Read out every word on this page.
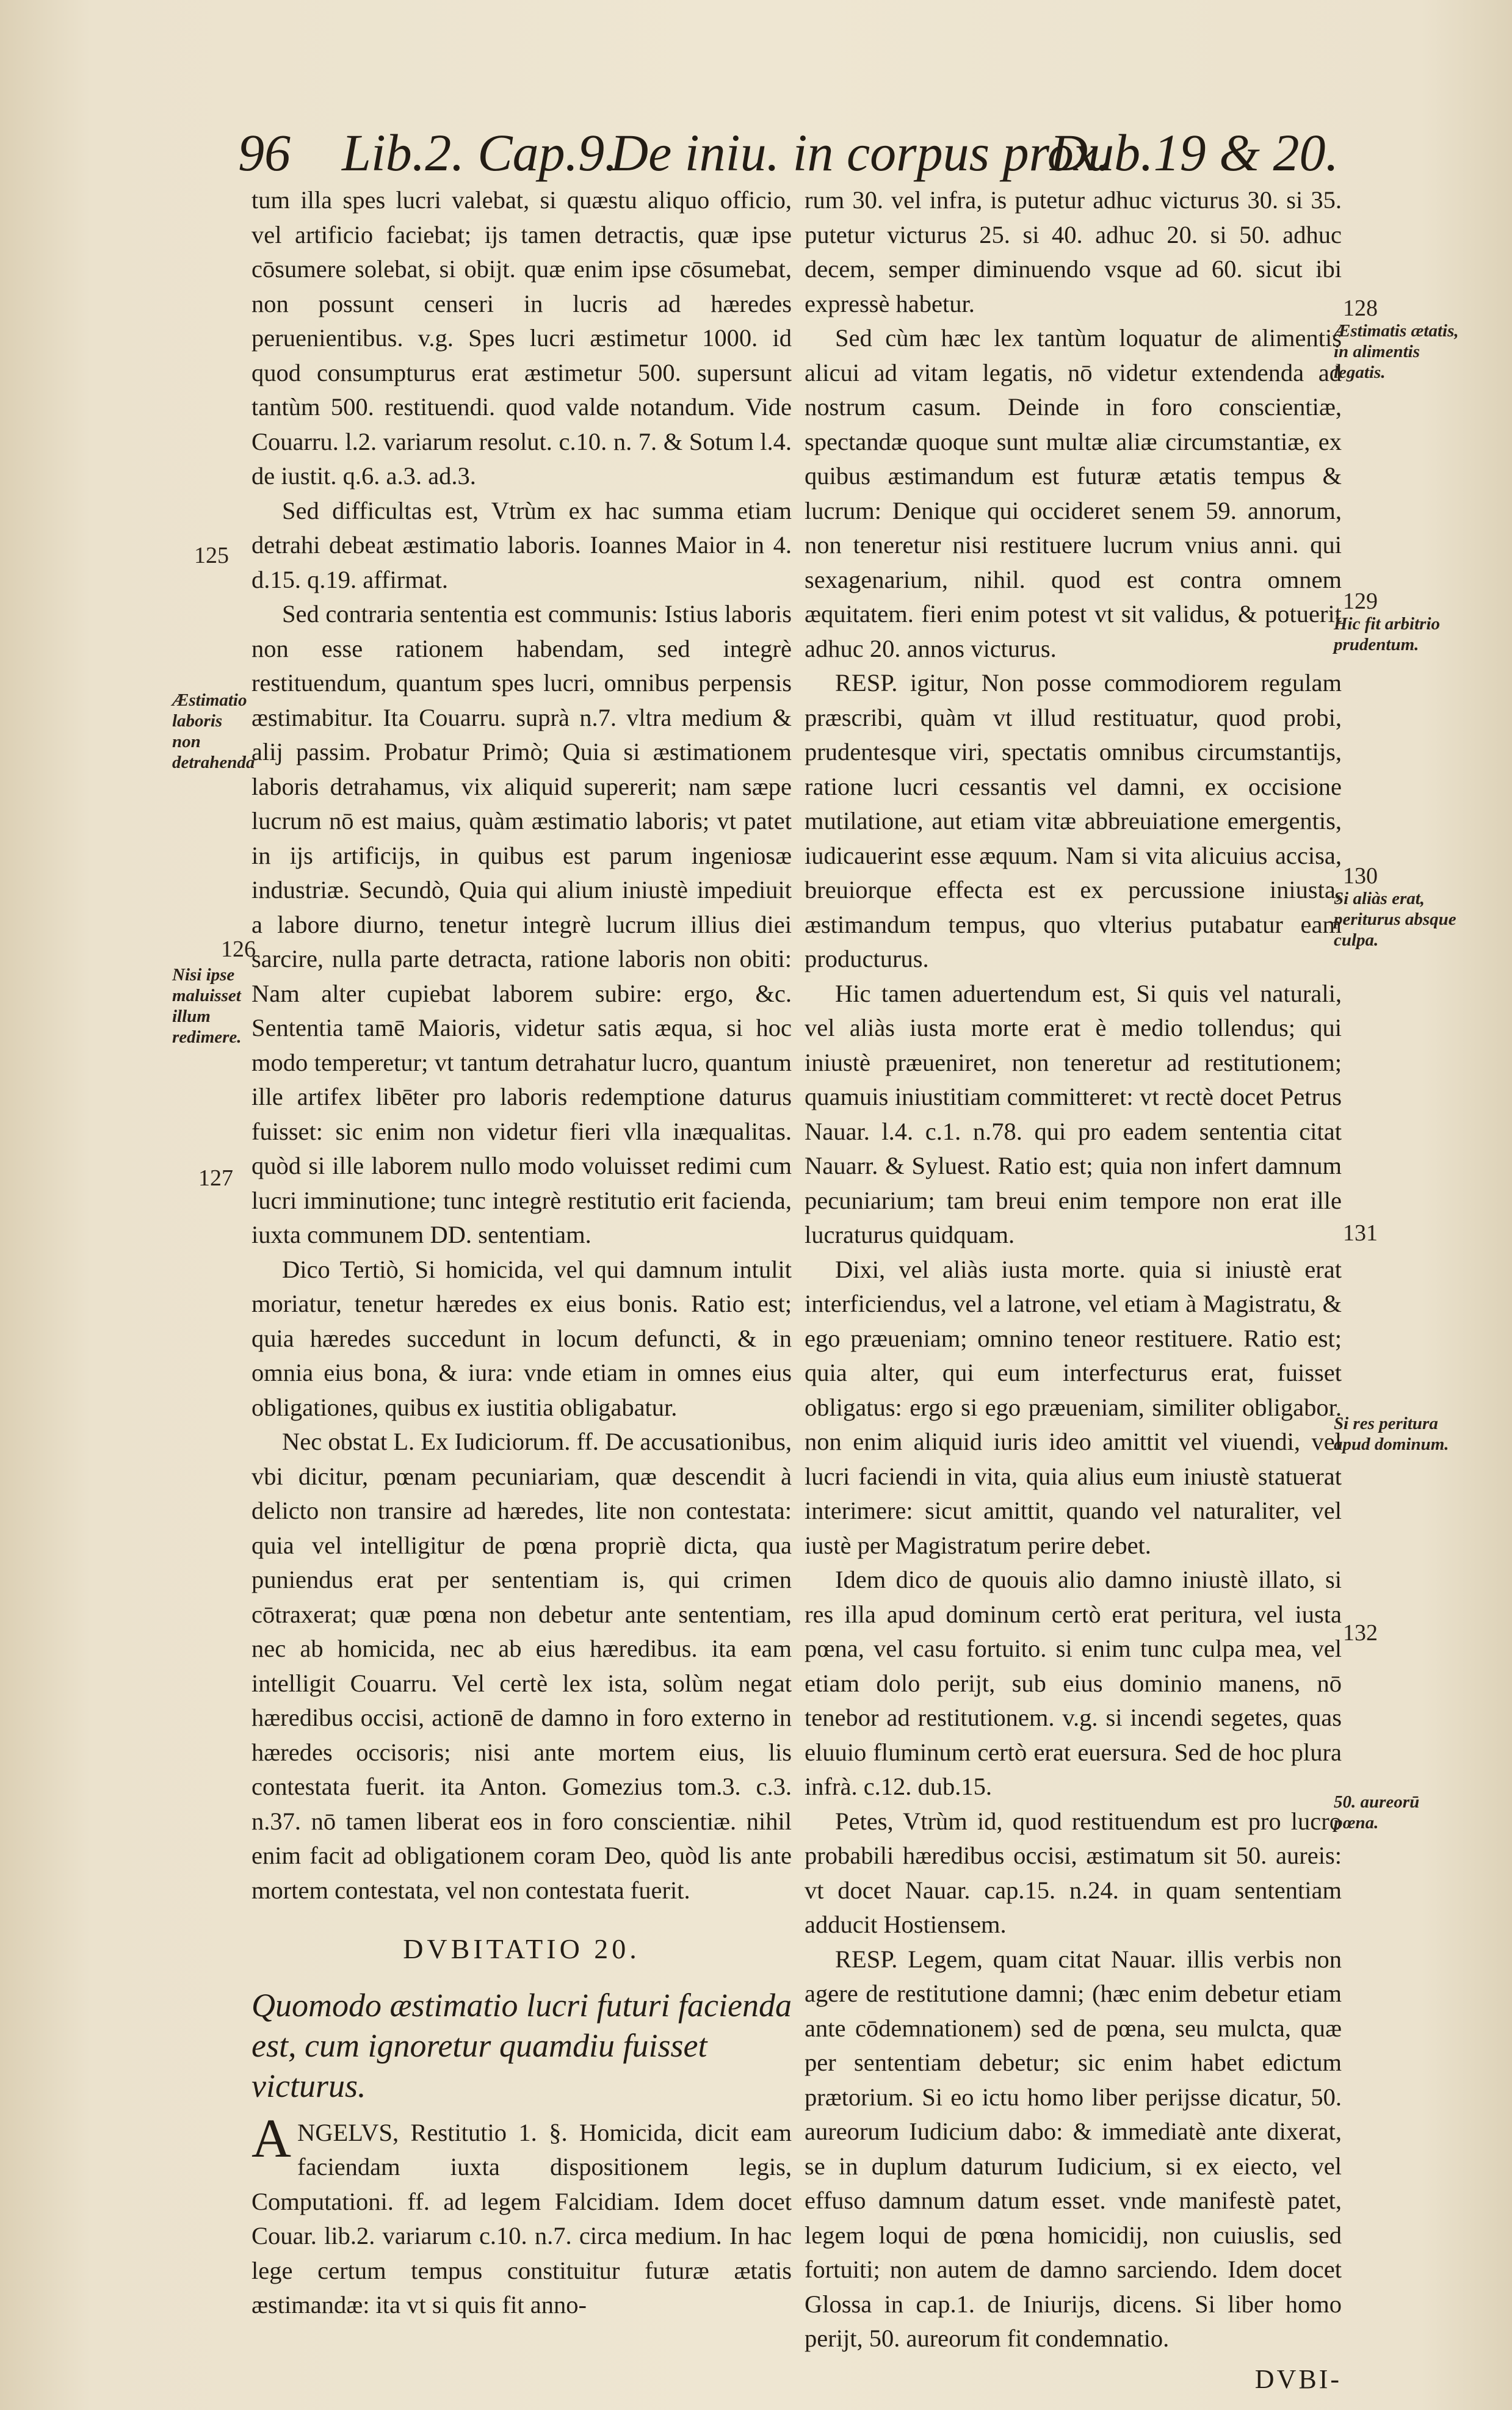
96 Lib.2. Cap.9.
De iniu. in corpus prox.
Dub.19 & 20.

tum illa spes lucri valebat, si quæstu aliquo officio, vel artificio faciebat; ijs tamen detractis, quæ ipse cōsumere solebat, si obijt. quæ enim ipse cōsumebat, non possunt censeri in lucris ad hæredes peruenientibus. v.g. Spes lucri æstimetur 1000. id quod consumpturus erat æstimetur 500. supersunt tantùm 500. restituendi. quod valde notandum. Vide Couarru. l.2. variarum resolut. c.10. n. 7. & Sotum l.4. de iustit. q.6. a.3. ad.3.

Sed difficultas est, Vtrùm ex hac summa etiam detrahi debeat æstimatio laboris. Ioannes Maior in 4. d.15. q.19. affirmat.

Sed contraria sententia est communis: Istius laboris non esse rationem habendam, sed integrè restituendum, quantum spes lucri, omnibus perpensis æstimabitur. Ita Couarru. suprà n.7. vltra medium & alij passim. Probatur Primò; Quia si æstimationem laboris detrahamus, vix aliquid supererit; nam sæpe lucrum nō est maius, quàm æstimatio laboris; vt patet in ijs artificijs, in quibus est parum ingeniosæ industriæ. Secundò, Quia qui alium iniustè impediuit a labore diurno, tenetur integrè lucrum illius diei sarcire, nulla parte detracta, ratione laboris non obiti: Nam alter cupiebat laborem subire: ergo, &c. Sententia tamē Maioris, videtur satis æqua, si hoc modo temperetur; vt tantum detrahatur lucro, quantum ille artifex libēter pro laboris redemptione daturus fuisset: sic enim non videtur fieri vlla inæqualitas. quòd si ille laborem nullo modo voluisset redimi cum lucri imminutione; tunc integrè restitutio erit facienda, iuxta communem DD. sententiam.

Dico Tertiò, Si homicida, vel qui damnum intulit moriatur, tenetur hæredes ex eius bonis. Ratio est; quia hæredes succedunt in locum defuncti, & in omnia eius bona, & iura: vnde etiam in omnes eius obligationes, quibus ex iustitia obligabatur.

Nec obstat L. Ex Iudiciorum. ff. De accusationibus, vbi dicitur, pœnam pecuniariam, quæ descendit à delicto non transire ad hæredes, lite non contestata: quia vel intelligitur de pœna propriè dicta, qua puniendus erat per sententiam is, qui crimen cōtraxerat; quæ pœna non debetur ante sententiam, nec ab homicida, nec ab eius hæredibus. ita eam intelligit Couarru. Vel certè lex ista, solùm negat hæredibus occisi, actionē de damno in foro externo in hæredes occisoris; nisi ante mortem eius, lis contestata fuerit. ita Anton. Gomezius tom.3. c.3. n.37. nō tamen liberat eos in foro conscientiæ. nihil enim facit ad obligationem coram Deo, quòd lis ante mortem contestata, vel non contestata fuerit.

DVBITATIO 20.

Quomodo æstimatio lucri futuri facienda est, cum ignoretur quamdiu fuisset victurus.

ANGELVS, Restitutio 1. §. Homicida, dicit eam faciendam iuxta dispositionem legis, Computationi. ff. ad legem Falcidiam. Idem docet Couar. lib.2. variarum c.10. n.7. circa medium. In hac lege certum tempus constituitur futuræ ætatis æstimandæ: ita vt si quis fit anno-

rum 30. vel infra, is putetur adhuc victurus 30. si 35. putetur victurus 25. si 40. adhuc 20. si 50. adhuc decem, semper diminuendo vsque ad 60. sicut ibi expressè habetur.

Sed cùm hæc lex tantùm loquatur de alimentis alicui ad vitam legatis, nō videtur extendenda ad nostrum casum. Deinde in foro conscientiæ, spectandæ quoque sunt multæ aliæ circumstantiæ, ex quibus æstimandum est futuræ ætatis tempus & lucrum: Denique qui occideret senem 59. annorum, non teneretur nisi restituere lucrum vnius anni. qui sexagenarium, nihil. quod est contra omnem æquitatem. fieri enim potest vt sit validus, & potuerit adhuc 20. annos victurus.

RESP. igitur, Non posse commodiorem regulam præscribi, quàm vt illud restituatur, quod probi, prudentesque viri, spectatis omnibus circumstantijs, ratione lucri cessantis vel damni, ex occisione mutilatione, aut etiam vitæ abbreuiatione emergentis, iudicauerint esse æquum. Nam si vita alicuius accisa, breuiorque effecta est ex percussione iniusta, æstimandum tempus, quo vlterius putabatur eam producturus.

Hic tamen aduertendum est, Si quis vel naturali, vel aliàs iusta morte erat è medio tollendus; qui iniustè præueniret, non teneretur ad restitutionem; quamuis iniustitiam committeret: vt rectè docet Petrus Nauar. l.4. c.1. n.78. qui pro eadem sententia citat Nauarr. & Syluest. Ratio est; quia non infert damnum pecuniarium; tam breui enim tempore non erat ille lucraturus quidquam.

Dixi, vel aliàs iusta morte. quia si iniustè erat interficiendus, vel a latrone, vel etiam à Magistratu, & ego præueniam; omnino teneor restituere. Ratio est; quia alter, qui eum interfecturus erat, fuisset obligatus: ergo si ego præueniam, similiter obligabor. non enim aliquid iuris ideo amittit vel viuendi, vel lucri faciendi in vita, quia alius eum iniustè statuerat interimere: sicut amittit, quando vel naturaliter, vel iustè per Magistratum perire debet.

Idem dico de quouis alio damno iniustè illato, si res illa apud dominum certò erat peritura, vel iusta pœna, vel casu fortuito. si enim tunc culpa mea, vel etiam dolo perijt, sub eius dominio manens, nō tenebor ad restitutionem. v.g. si incendi segetes, quas eluuio fluminum certò erat euersura. Sed de hoc plura infrà. c.12. dub.15.

Petes, Vtrùm id, quod restituendum est pro lucro probabili hæredibus occisi, æstimatum sit 50. aureis: vt docet Nauar. cap.15. n.24. in quam sententiam adducit Hostiensem.

RESP. Legem, quam citat Nauar. illis verbis non agere de restitutione damni; (hæc enim debetur etiam ante cōdemnationem) sed de pœna, seu mulcta, quæ per sententiam debetur; sic enim habet edictum prætorium. Si eo ictu homo liber perijsse dicatur, 50. aureorum Iudicium dabo: & immediatè ante dixerat, se in duplum daturum Iudicium, si ex eiecto, vel effuso damnum datum esset. vnde manifestè patet, legem loqui de pœna homicidij, non cuiuslis, sed fortuiti; non autem de damno sarciendo. Idem docet Glossa in cap.1. de Iniurijs, dicens. Si liber homo perijt, 50. aureorum fit condemnatio.

DVBI-

125
Æstimatio laboris non detrahenda
126
Nisi ipse maluisset illum redimere.
127
128
Æstimatis ætatis, in alimentis legatis.
129
Hic fit arbitrio prudentum.
130
Si aliàs erat, periturus absque culpa.
131
Si res peritura apud dominum.
132
50. aureorū pœna.
